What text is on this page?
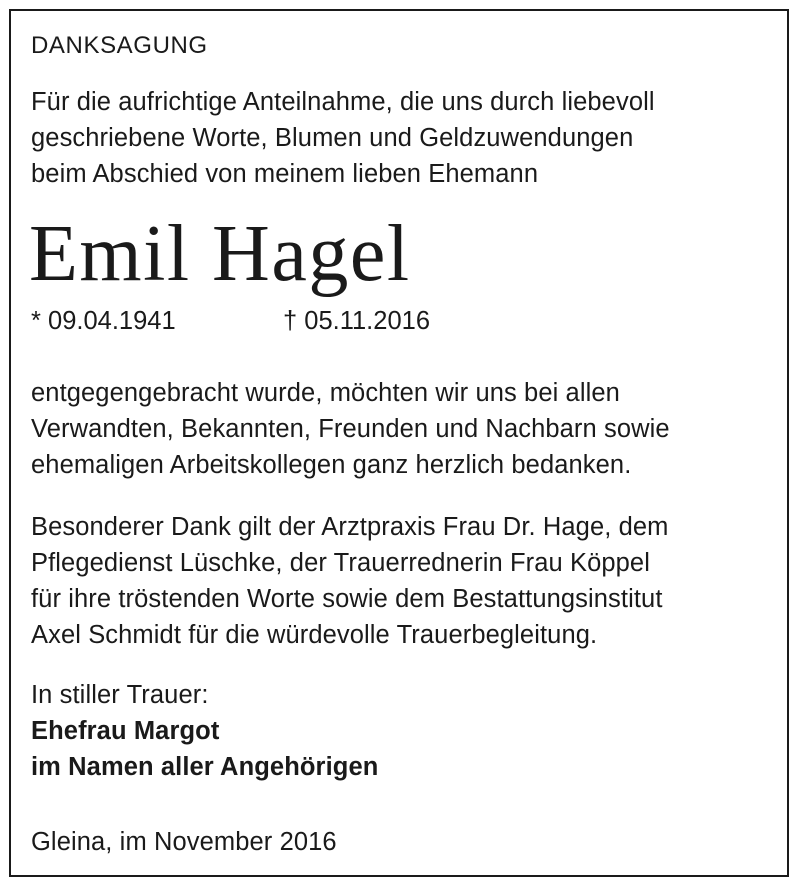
DANKSAGUNG
Für die aufrichtige Anteilnahme, die uns durch liebevoll
geschriebene Worte, Blumen und Geldzuwendungen
beim Abschied von meinem lieben Ehemann
Emil Hagel
* 09.04.1941	† 05.11.2016
entgegengebracht wurde, möchten wir uns bei allen
Verwandten, Bekannten, Freunden und Nachbarn sowie
ehemaligen Arbeitskollegen ganz herzlich bedanken.
Besonderer Dank gilt der Arztpraxis Frau Dr. Hage, dem
Pflegedienst Lüschke, der Trauerrednerin Frau Köppel
für ihre tröstenden Worte sowie dem Bestattungsinstitut
Axel Schmidt für die würdevolle Trauerbegleitung.
In stiller Trauer:
Ehefrau Margot
im Namen aller Angehörigen
Gleina, im November 2016
